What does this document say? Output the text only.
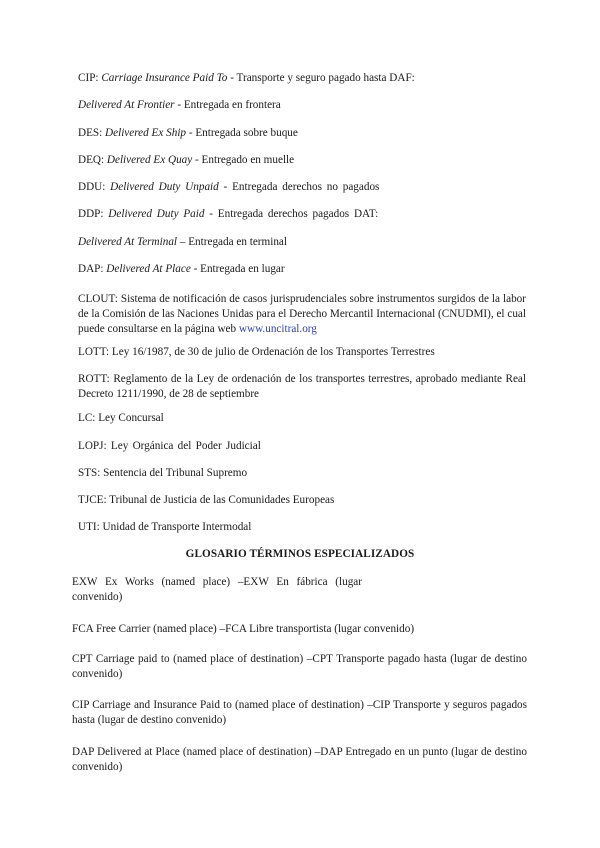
CIP: Carriage Insurance Paid To - Transporte y seguro pagado hasta DAF:
Delivered At Frontier - Entregada en frontera
DES: Delivered Ex Ship - Entregada sobre buque
DEQ: Delivered Ex Quay - Entregado en muelle
DDU: Delivered Duty Unpaid - Entregada derechos no pagados
DDP: Delivered Duty Paid - Entregada derechos pagados DAT:
Delivered At Terminal – Entregada en terminal
DAP: Delivered At Place - Entregada en lugar
CLOUT: Sistema de notificación de casos jurisprudenciales sobre instrumentos surgidos de la labor de la Comisión de las Naciones Unidas para el Derecho Mercantil Internacional (CNUDMI), el cual puede consultarse en la página web www.uncitral.org
LOTT: Ley 16/1987, de 30 de julio de Ordenación de los Transportes Terrestres
ROTT: Reglamento de la Ley de ordenación de los transportes terrestres, aprobado mediante Real Decreto 1211/1990, de 28 de septiembre
LC: Ley Concursal
LOPJ: Ley Orgánica del Poder Judicial
STS: Sentencia del Tribunal Supremo
TJCE: Tribunal de Justicia de las Comunidades Europeas
UTI: Unidad de Transporte Intermodal
GLOSARIO TÉRMINOS ESPECIALIZADOS
EXW Ex Works (named place) –EXW En fábrica (lugar convenido)
FCA Free Carrier (named place) –FCA Libre transportista (lugar convenido)
CPT Carriage paid to (named place of destination) –CPT Transporte pagado hasta (lugar de destino convenido)
CIP Carriage and Insurance Paid to (named place of destination) –CIP Transporte y seguros pagados hasta (lugar de destino convenido)
DAP Delivered at Place (named place of destination) –DAP Entregado en un punto (lugar de destino convenido)
